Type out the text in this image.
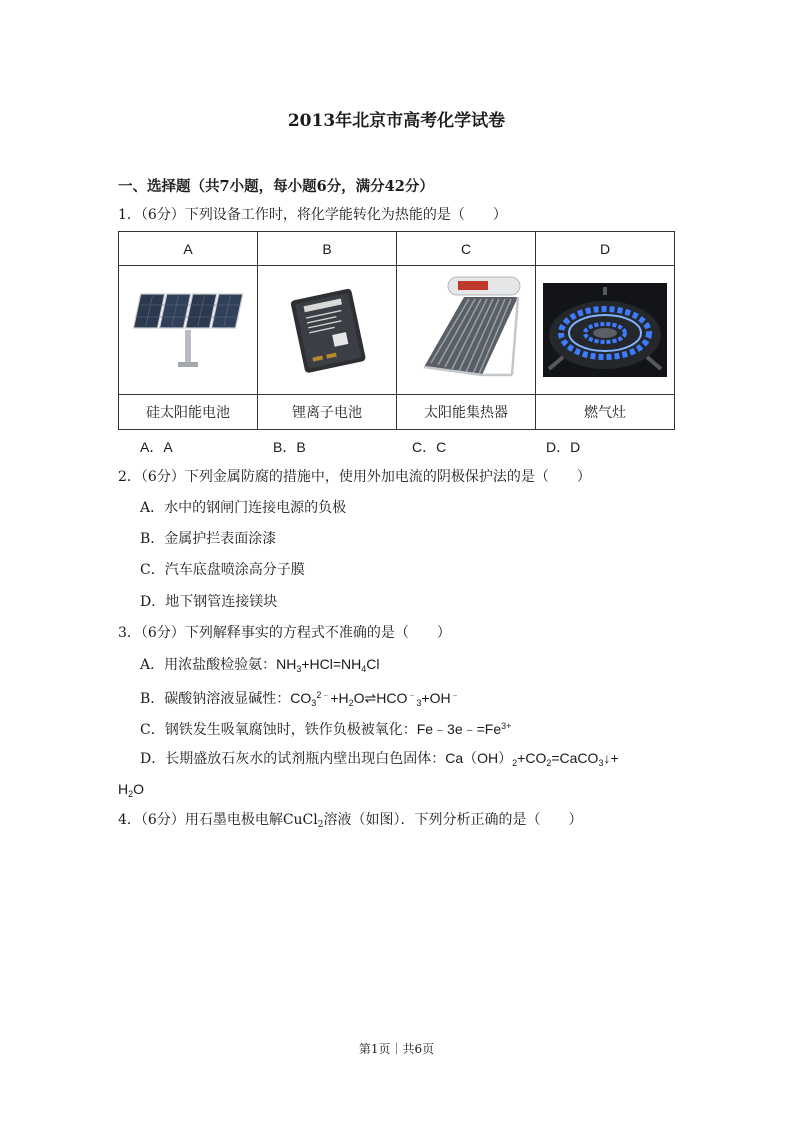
2013年北京市高考化学试卷
一、选择题（共7小题，每小题6分，满分42分）
1．（6分）下列设备工作时，将化学能转化为热能的是（　　）
A	B	C	D

硅太阳能电池	锂离子电池	太阳能集热器	燃气灶
A．A	B．B	C．C	D．D
2．（6分）下列金属防腐的措施中，使用外加电流的阴极保护法的是（　　）
A．水中的钢闸门连接电源的负极
B．金属护拦表面涂漆
C．汽车底盘喷涂高分子膜
D．地下钢管连接镁块
3．（6分）下列解释事实的方程式不准确的是（　　）
A．用浓盐酸检验氨：$NH_3+HCl=NH_4Cl$
B．碳酸钠溶液显碱性：$CO_3^{2﹣}+H_2O\rightleftharpoons HCO^﹣_3+OH^﹣$
C．钢铁发生吸氧腐蚀时，铁作负极被氧化：$Fe﹣3e﹣=Fe^{3+}$
D．长期盛放石灰水的试剂瓶内壁出现白色固体：$Ca(OH)_2+CO_2=CaCO_3↓+$
$H_2O$
4．（6分）用石墨电极电解CuCl$_2$溶液（如图）．下列分析正确的是（　　）
第1页｜共6页
